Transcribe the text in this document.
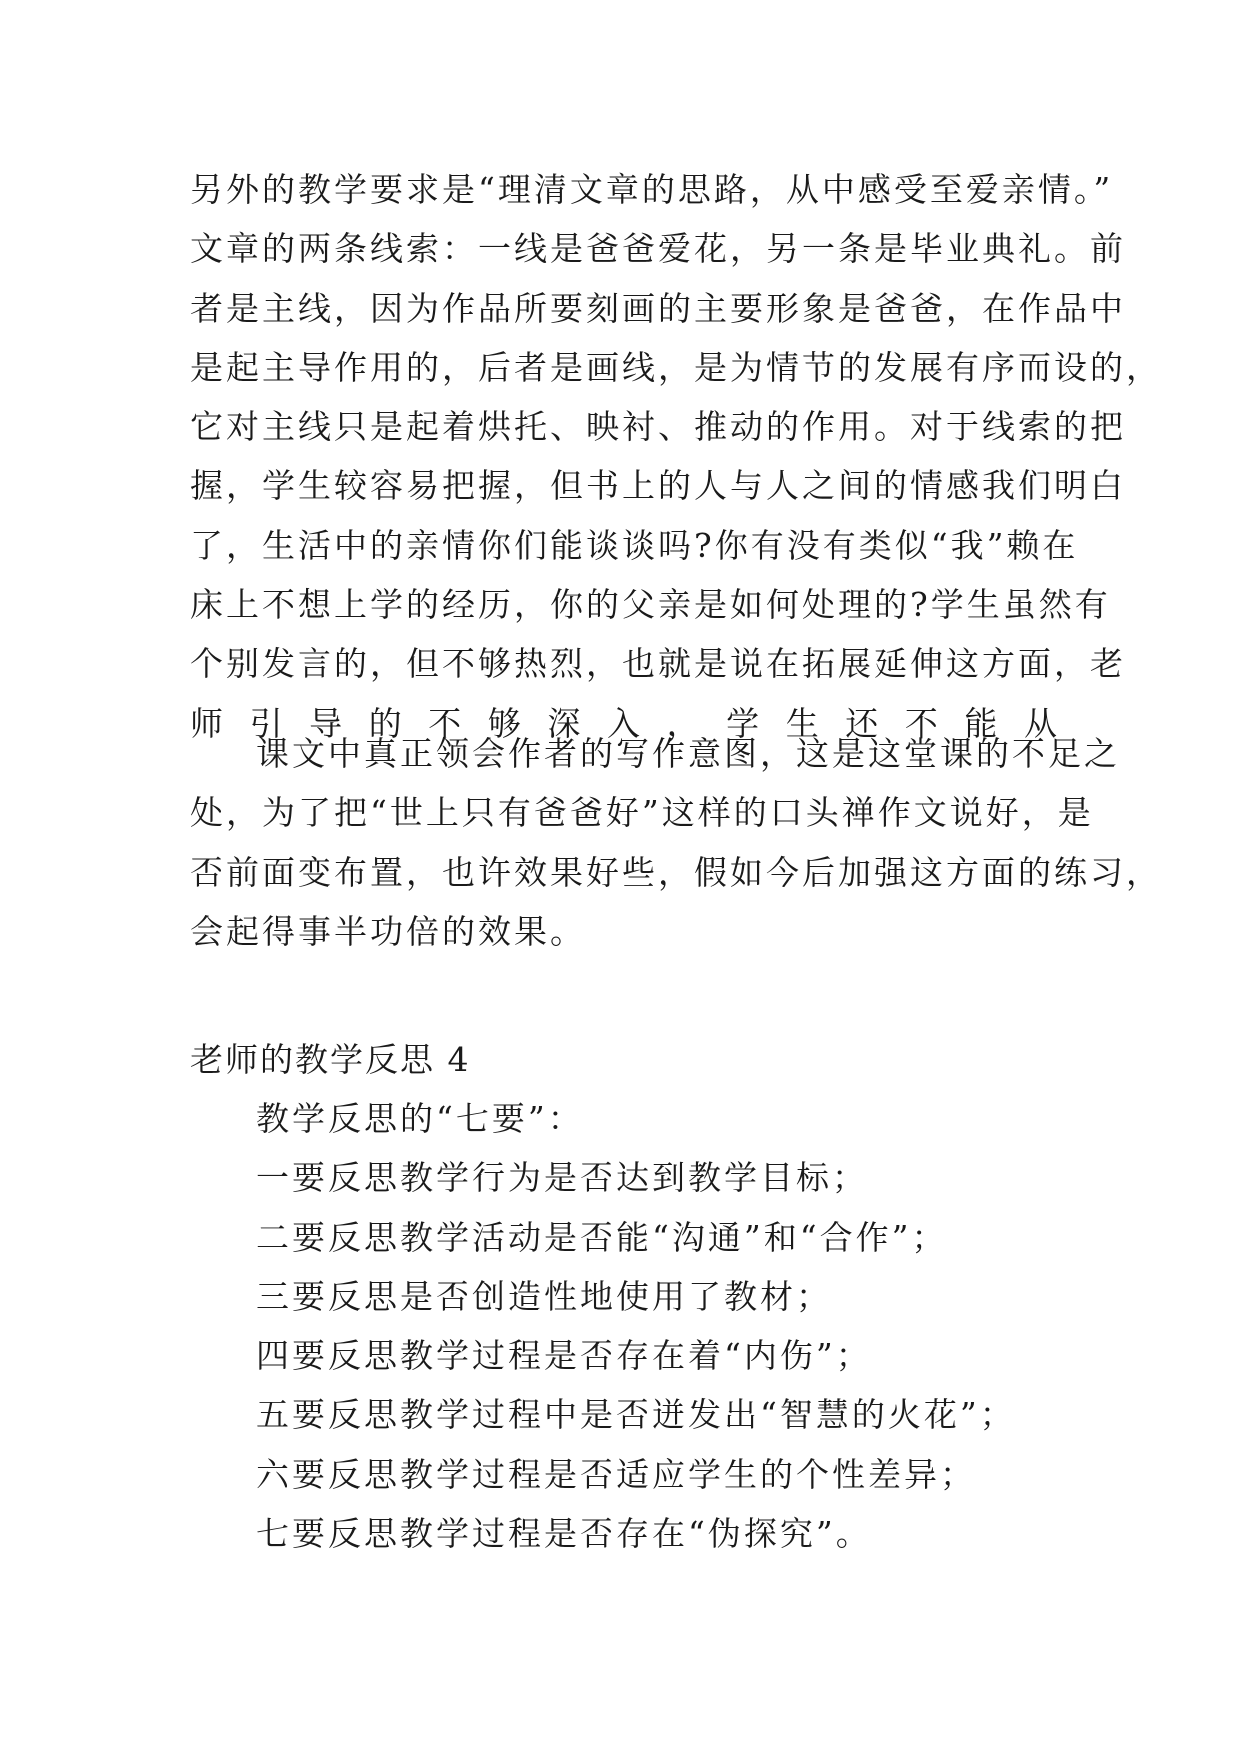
另外的教学要求是“理清文章的思路，从中感受至爱亲情。”
文章的两条线索：一线是爸爸爱花，另一条是毕业典礼。前
者是主线，因为作品所要刻画的主要形象是爸爸，在作品中
是起主导作用的，后者是画线，是为情节的发展有序而设的，
它对主线只是起着烘托、映衬、推动的作用。对于线索的把
握，学生较容易把握，但书上的人与人之间的情感我们明白
了，生活中的亲情你们能谈谈吗?你有没有类似“我”赖在
床上不想上学的经历，你的父亲是如何处理的?学生虽然有
个别发言的，但不够热烈，也就是说在拓展延伸这方面，老
师引导的不够深入，学生还不能从
课文中真正领会作者的写作意图，这是这堂课的不足之
处，为了把“世上只有爸爸好”这样的口头禅作文说好，是
否前面变布置，也许效果好些，假如今后加强这方面的练习，
会起得事半功倍的效果。
老师的教学反思 4
教学反思的“七要”：
一要反思教学行为是否达到教学目标；
二要反思教学活动是否能“沟通”和“合作”；
三要反思是否创造性地使用了教材；
四要反思教学过程是否存在着“内伤”；
五要反思教学过程中是否迸发出“智慧的火花”；
六要反思教学过程是否适应学生的个性差异；
七要反思教学过程是否存在“伪探究”。
